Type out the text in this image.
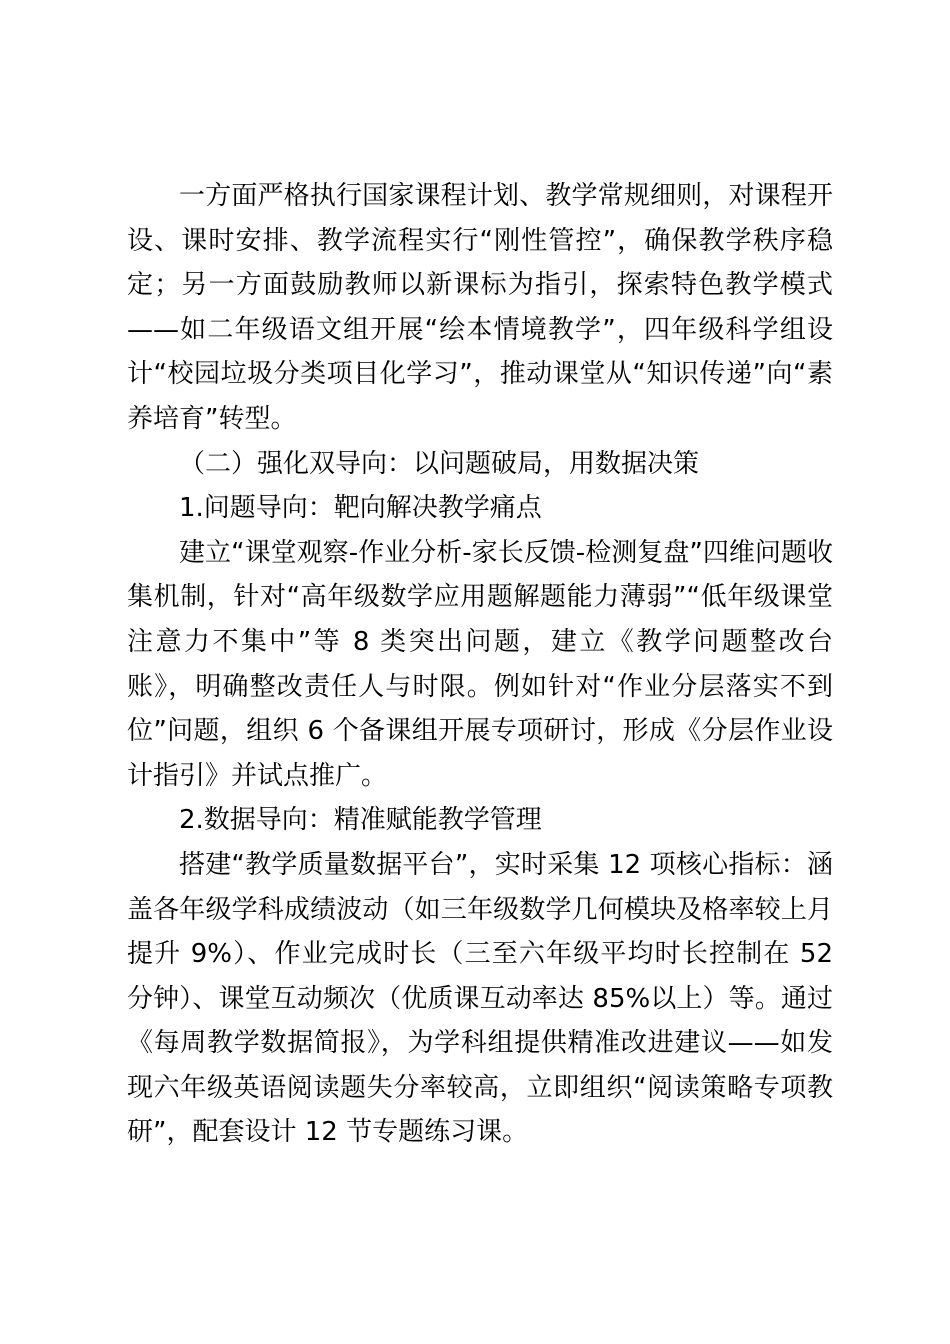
一方面严格执行国家课程计划、教学常规细则，对课程开设、课时安排、教学流程实行“刚性管控”，确保教学秩序稳定；另一方面鼓励教师以新课标为指引，探索特色教学模式——如二年级语文组开展“绘本情境教学”，四年级科学组设计“校园垃圾分类项目化学习”，推动课堂从“知识传递”向“素养培育”转型。

（二）强化双导向：以问题破局，用数据决策

1.问题导向：靶向解决教学痛点

建立“课堂观察-作业分析-家长反馈-检测复盘”四维问题收集机制，针对“高年级数学应用题解题能力薄弱”“低年级课堂注意力不集中”等 8 类突出问题，建立《教学问题整改台账》，明确整改责任人与时限。例如针对“作业分层落实不到位”问题，组织 6 个备课组开展专项研讨，形成《分层作业设计指引》并试点推广。

2.数据导向：精准赋能教学管理

搭建“教学质量数据平台”，实时采集 12 项核心指标：涵盖各年级学科成绩波动（如三年级数学几何模块及格率较上月提升 9%）、作业完成时长（三至六年级平均时长控制在 52 分钟）、课堂互动频次（优质课互动率达 85%以上）等。通过《每周教学数据简报》，为学科组提供精准改进建议——如发现六年级英语阅读题失分率较高，立即组织“阅读策略专项教研”，配套设计 12 节专题练习课。
